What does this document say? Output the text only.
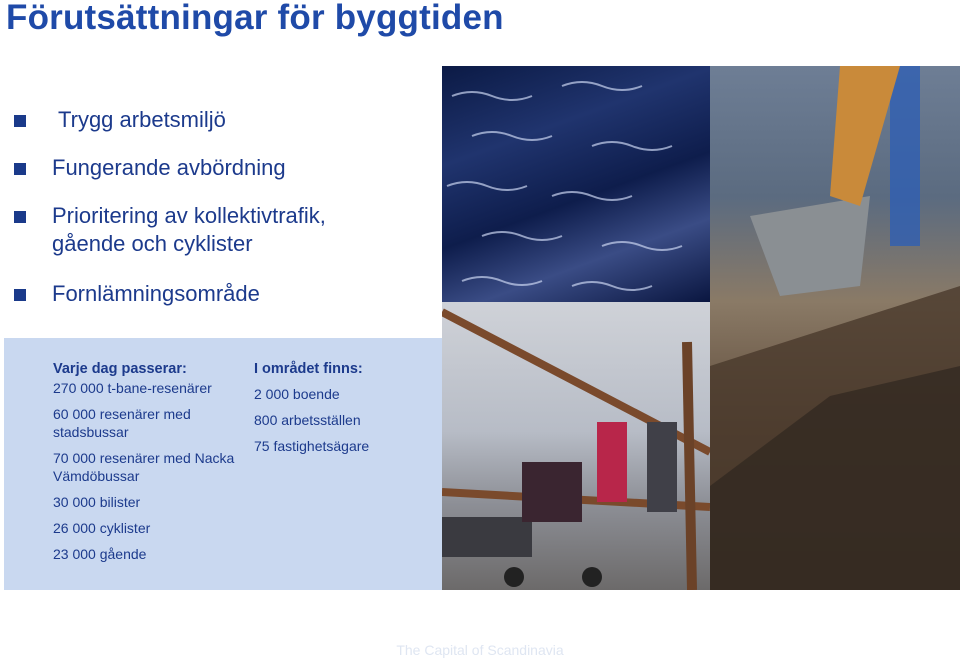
Förutsättningar för byggtiden
Trygg arbetsmiljö
Fungerande avbördning
Prioritering av kollektivtrafik, gående och cyklister
Fornlämningsområde
Varje dag passerar:
270 000 t-bane-resenärer
60 000 resenärer med stadsbussar
70 000 resenärer med Nacka Vämdöbussar
30 000 bilister
26 000 cyklister
23 000 gående
I området finns:
2 000 boende
800 arbetsställen
75 fastighetsägare
The Capital of Scandinavia
